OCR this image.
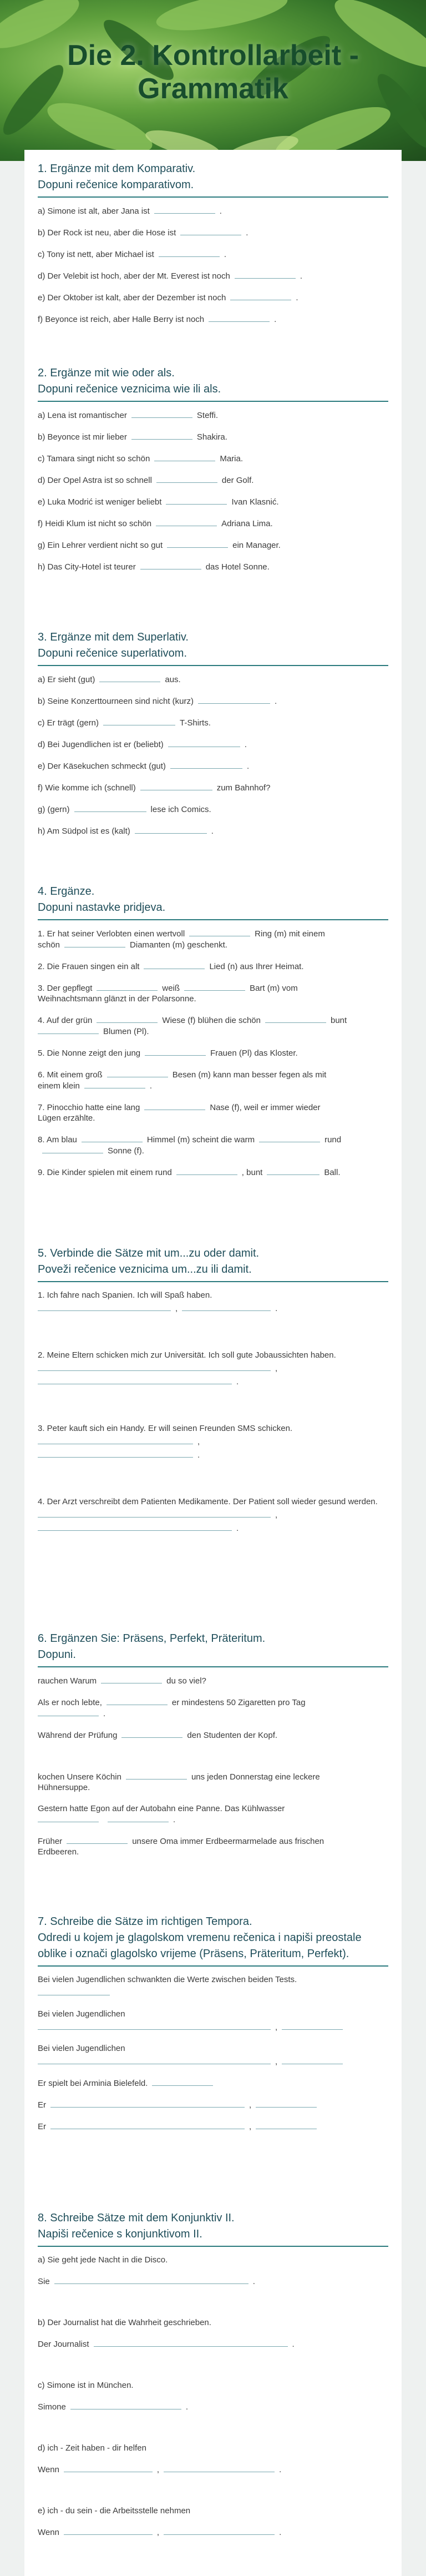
Die 2. Kontrollarbeit -
Grammatik
1. Ergänze mit dem Komparativ.
Dopuni rečenice komparativom.
a) Simone ist alt, aber Jana ist	.
b) Der Rock ist neu, aber die Hose ist	.
c) Tony ist nett, aber Michael ist	.
d) Der Velebit ist hoch, aber der Mt. Everest ist noch	.
e) Der Oktober ist kalt, aber der Dezember ist noch	.
f) Beyonce ist reich, aber Halle Berry ist noch	.
2. Ergänze mit wie oder als.
Dopuni rečenice veznicima wie ili als.
a) Lena ist romantischer	Steffi.
b) Beyonce ist mir lieber	Shakira.
c) Tamara singt nicht so schön	Maria.
d) Der Opel Astra ist so schnell	der Golf.
e) Luka Modrić ist weniger beliebt	Ivan Klasnić.
f) Heidi Klum ist nicht so schön	Adriana Lima.
g) Ein Lehrer verdient nicht so gut	ein Manager.
h) Das City-Hotel ist teurer	das Hotel Sonne.
3. Ergänze mit dem Superlativ.
Dopuni rečenice superlativom.
a) Er sieht (gut)	aus.
b) Seine Konzerttourneen sind nicht (kurz)	.
c) Er trägt (gern)	T-Shirts.
d) Bei Jugendlichen ist er (beliebt)	.
e) Der Käsekuchen schmeckt (gut)	.
f) Wie komme ich (schnell)	zum Bahnhof?
g) (gern)	lese ich Comics.
h) Am Südpol ist es (kalt)	.
4. Ergänze.
Dopuni nastavke pridjeva.
1. Er hat seiner Verlobten einen wertvoll	Ring (m) mit einem
schön	Diamanten (m) geschenkt.
2. Die Frauen singen ein alt	Lied (n) aus Ihrer Heimat.
3. Der gepflegt	weiß	Bart (m) vom
Weihnachtsmann glänzt in der Polarsonne.
4. Auf der grün	Wiese (f) blühen die schön	bunt
Blumen (Pl).
5. Die Nonne zeigt den jung	Frauen (Pl) das Kloster.
6. Mit einem groß	Besen (m) kann man besser fegen als mit
einem klein	.
7. Pinocchio hatte eine lang	Nase (f), weil er immer wieder
Lügen erzählte.
8. Am blau	Himmel (m) scheint die warm	rund
Sonne (f).
9. Die Kinder spielen mit einem rund	, bunt	Ball.
5. Verbinde die Sätze mit um...zu oder damit.
Poveži rečenice veznicima um...zu ili damit.
1. Ich fahre nach Spanien. Ich will Spaß haben.
,	.
2. Meine Eltern schicken mich zur Universität. Ich soll gute Jobaussichten haben.
,
.
3. Peter kauft sich ein Handy. Er will seinen Freunden SMS schicken.
,
.
4. Der Arzt verschreibt dem Patienten Medikamente. Der Patient soll wieder gesund werden.
,
.
6. Ergänzen Sie: Präsens, Perfekt, Präteritum.
Dopuni.
rauchen Warum	du so viel?
Als er noch lebte,	er mindestens 50 Zigaretten pro Tag
.
Während der Prüfung	den Studenten der Kopf.
kochen Unsere Köchin	uns jeden Donnerstag eine leckere
Hühnersuppe.
Gestern hatte Egon auf der Autobahn eine Panne. Das Kühlwasser
.
Früher	unsere Oma immer Erdbeermarmelade aus frischen
Erdbeeren.
7. Schreibe die Sätze im richtigen Tempora.
Odredi u kojem je glagolskom vremenu rečenica i napiši preostale oblike i označi glagolsko vrijeme (Präsens, Präteritum, Perfekt).
Bei vielen Jugendlichen schwankten die Werte zwischen beiden Tests.
Bei vielen Jugendlichen
,
Bei vielen Jugendlichen
,
Er spielt bei Arminia Bielefeld.
Er	,
Er	,
8. Schreibe Sätze mit dem Konjunktiv II.
Napiši rečenice s konjunktivom II.
a) Sie geht jede Nacht in die Disco.
Sie	.
b) Der Journalist hat die Wahrheit geschrieben.
Der Journalist	.
c) Simone ist in München.
Simone	.
d) ich - Zeit haben - dir helfen
Wenn	,	.
e) ich - du sein - die Arbeitsstelle nehmen
Wenn	,	.
